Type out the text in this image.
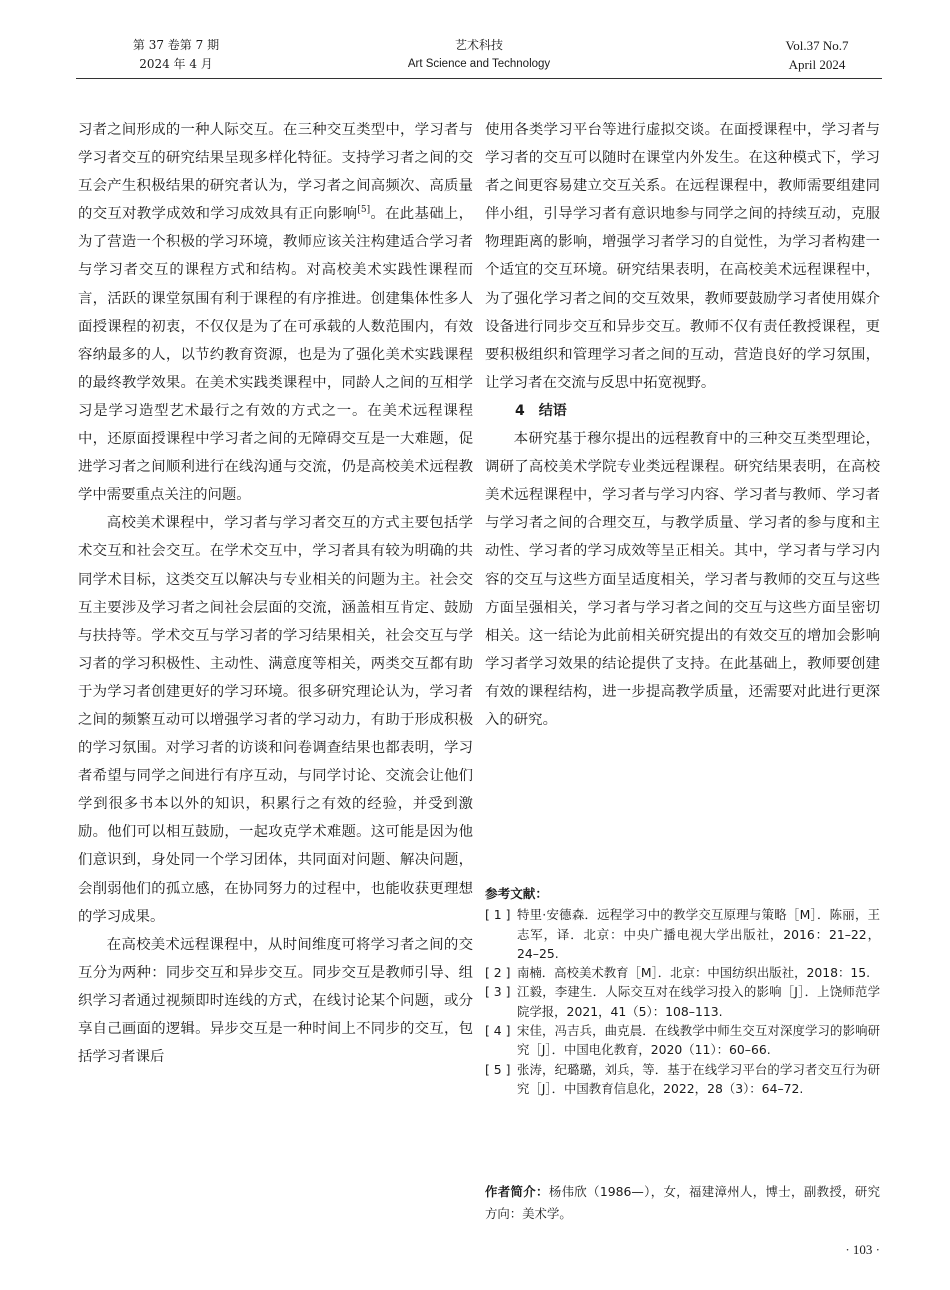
第 37 卷第 7 期
2024 年 4 月
艺术科技
Art Science and Technology
Vol.37 No.7
April 2024

习者之间形成的一种人际交互。在三种交互类型中，学习者与学习者交互的研究结果呈现多样化特征。支持学习者之间的交互会产生积极结果的研究者认为，学习者之间高频次、高质量的交互对教学成效和学习成效具有正向影响[5]。在此基础上，为了营造一个积极的学习环境，教师应该关注构建适合学习者与学习者交互的课程方式和结构。对高校美术实践性课程而言，活跃的课堂氛围有利于课程的有序推进。创建集体性多人面授课程的初衷，不仅仅是为了在可承载的人数范围内，有效容纳最多的人，以节约教育资源，也是为了强化美术实践课程的最终教学效果。在美术实践类课程中，同龄人之间的互相学习是学习造型艺术最行之有效的方式之一。在美术远程课程中，还原面授课程中学习者之间的无障碍交互是一大难题，促进学习者之间顺利进行在线沟通与交流，仍是高校美术远程教学中需要重点关注的问题。

高校美术课程中，学习者与学习者交互的方式主要包括学术交互和社会交互。在学术交互中，学习者具有较为明确的共同学术目标，这类交互以解决与专业相关的问题为主。社会交互主要涉及学习者之间社会层面的交流，涵盖相互肯定、鼓励与扶持等。学术交互与学习者的学习结果相关，社会交互与学习者的学习积极性、主动性、满意度等相关，两类交互都有助于为学习者创建更好的学习环境。很多研究理论认为，学习者之间的频繁互动可以增强学习者的学习动力，有助于形成积极的学习氛围。对学习者的访谈和问卷调查结果也都表明，学习者希望与同学之间进行有序互动，与同学讨论、交流会让他们学到很多书本以外的知识，积累行之有效的经验，并受到激励。他们可以相互鼓励，一起攻克学术难题。这可能是因为他们意识到，身处同一个学习团体，共同面对问题、解决问题，会削弱他们的孤立感，在协同努力的过程中，也能收获更理想的学习成果。

在高校美术远程课程中，从时间维度可将学习者之间的交互分为两种：同步交互和异步交互。同步交互是教师引导、组织学习者通过视频即时连线的方式，在线讨论某个问题，或分享自己画面的逻辑。异步交互是一种时间上不同步的交互，包括学习者课后

使用各类学习平台等进行虚拟交谈。在面授课程中，学习者与学习者的交互可以随时在课堂内外发生。在这种模式下，学习者之间更容易建立交互关系。在远程课程中，教师需要组建同伴小组，引导学习者有意识地参与同学之间的持续互动，克服物理距离的影响，增强学习者学习的自觉性，为学习者构建一个适宜的交互环境。研究结果表明，在高校美术远程课程中，为了强化学习者之间的交互效果，教师要鼓励学习者使用媒介设备进行同步交互和异步交互。教师不仅有责任教授课程，更要积极组织和管理学习者之间的互动，营造良好的学习氛围，让学习者在交流与反思中拓宽视野。

4　结语

本研究基于穆尔提出的远程教育中的三种交互类型理论，调研了高校美术学院专业类远程课程。研究结果表明，在高校美术远程课程中，学习者与学习内容、学习者与教师、学习者与学习者之间的合理交互，与教学质量、学习者的参与度和主动性、学习者的学习成效等呈正相关。其中，学习者与学习内容的交互与这些方面呈适度相关，学习者与教师的交互与这些方面呈强相关，学习者与学习者之间的交互与这些方面呈密切相关。这一结论为此前相关研究提出的有效交互的增加会影响学习者学习效果的结论提供了支持。在此基础上，教师要创建有效的课程结构，进一步提高教学质量，还需要对此进行更深入的研究。

参考文献：
[ 1 ] 特里·安德森．远程学习中的教学交互原理与策略［M］．陈丽，王志军，译．北京：中央广播电视大学出版社，2016：21–22，24–25.
[ 2 ] 南楠．高校美术教育［M］．北京：中国纺织出版社，2018：15.
[ 3 ] 江毅，李建生．人际交互对在线学习投入的影响［J］．上饶师范学院学报，2021，41（5）：108–113.
[ 4 ] 宋佳，冯吉兵，曲克晨．在线教学中师生交互对深度学习的影响研究［J］．中国电化教育，2020（11）：60–66.
[ 5 ] 张涛，纪璐璐，刘兵，等．基于在线学习平台的学习者交互行为研究［J］．中国教育信息化，2022，28（3）：64–72.
作者简介：杨伟欣（1986—），女，福建漳州人，博士，副教授，研究方向：美术学。
· 103 ·
